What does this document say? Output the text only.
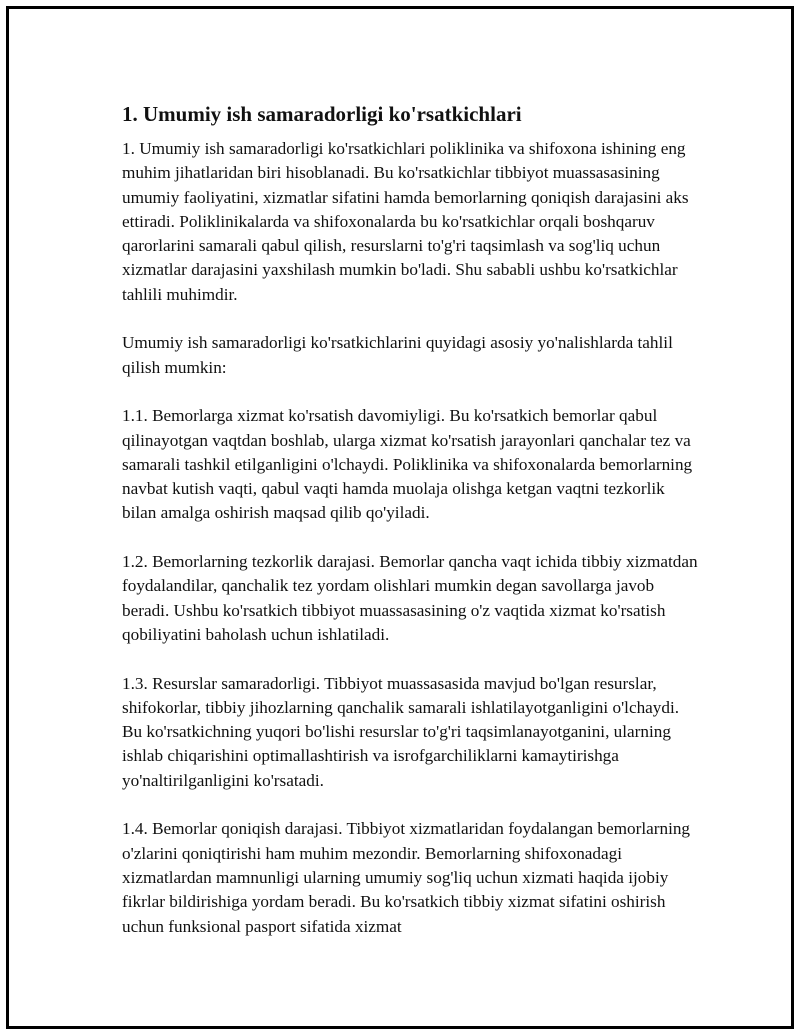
1. Umumiy ish samaradorligi ko'rsatkichlari

1. Umumiy ish samaradorligi ko'rsatkichlari poliklinika va shifoxona ishining eng muhim jihatlaridan biri hisoblanadi. Bu ko'rsatkichlar tibbiyot muassasasining umumiy faoliyatini, xizmatlar sifatini hamda bemorlarning qoniqish darajasini aks ettiradi. Poliklinikalarda va shifoxonalarda bu ko'rsatkichlar orqali boshqaruv qarorlarini samarali qabul qilish, resurslarni to'g'ri taqsimlash va sog'liq uchun xizmatlar darajasini yaxshilash mumkin bo'ladi. Shu sababli ushbu ko'rsatkichlar tahlili muhimdir.

Umumiy ish samaradorligi ko'rsatkichlarini quyidagi asosiy yo'nalishlarda tahlil qilish mumkin:

1.1. Bemorlarga xizmat ko'rsatish davomiyligi. Bu ko'rsatkich bemorlar qabul qilinayotgan vaqtdan boshlab, ularga xizmat ko'rsatish jarayonlari qanchalar tez va samarali tashkil etilganligini o'lchaydi. Poliklinika va shifoxonalarda bemorlarning navbat kutish vaqti, qabul vaqti hamda muolaja olishga ketgan vaqtni tezkorlik bilan amalga oshirish maqsad qilib qo'yiladi.

1.2. Bemorlarning tezkorlik darajasi. Bemorlar qancha vaqt ichida tibbiy xizmatdan foydalandilar, qanchalik tez yordam olishlari mumkin degan savollarga javob beradi. Ushbu ko'rsatkich tibbiyot muassasasining o'z vaqtida xizmat ko'rsatish qobiliyatini baholash uchun ishlatiladi.

1.3. Resurslar samaradorligi. Tibbiyot muassasasida mavjud bo'lgan resurslar, shifokorlar, tibbiy jihozlarning qanchalik samarali ishlatilayotganligini o'lchaydi. Bu ko'rsatkichning yuqori bo'lishi resurslar to'g'ri taqsimlanayotganini, ularning ishlab chiqarishini optimallashtirish va isrofgarchiliklarni kamaytirishga yo'naltirilganligini ko'rsatadi.

1.4. Bemorlar qoniqish darajasi. Tibbiyot xizmatlaridan foydalangan bemorlarning o'zlarini qoniqtirishi ham muhim mezondir. Bemorlarning shifoxonadagi xizmatlardan mamnunligi ularning umumiy sog'liq uchun xizmati haqida ijobiy fikrlar bildirishiga yordam beradi. Bu ko'rsatkich tibbiy xizmat sifatini oshirish uchun funksional pasport sifatida xizmat
